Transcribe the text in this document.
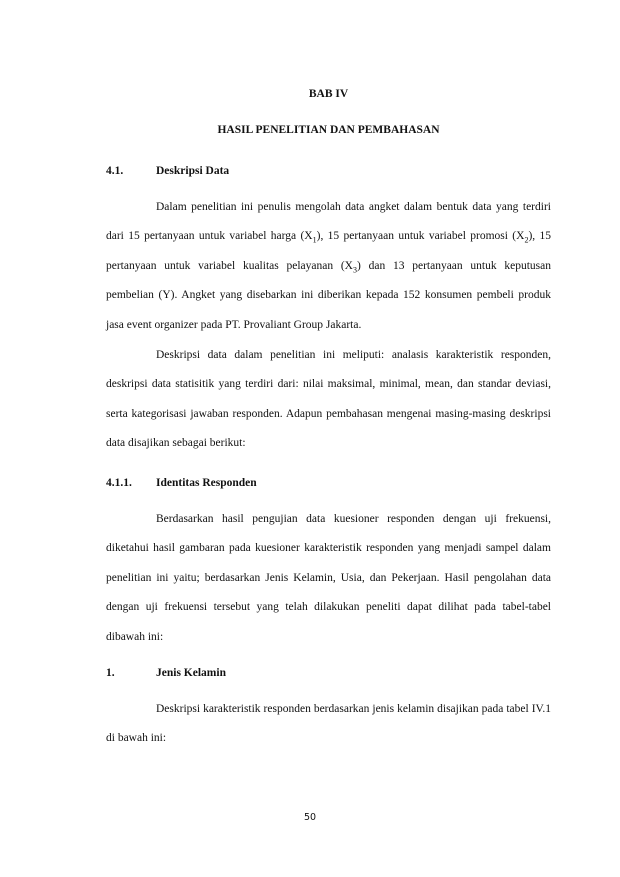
BAB IV
HASIL PENELITIAN DAN PEMBAHASAN
4.1.	Deskripsi Data

Dalam penelitian ini penulis mengolah data angket dalam bentuk data yang terdiri dari 15 pertanyaan untuk variabel harga $(X_1)$, 15 pertanyaan untuk variabel promosi $(X_2)$, 15 pertanyaan untuk variabel kualitas pelayanan $(X_3)$ dan 13 pertanyaan untuk keputusan pembelian (Y). Angket yang disebarkan ini diberikan kepada 152 konsumen pembeli produk jasa event organizer pada PT. Provaliant Group Jakarta.

Deskripsi data dalam penelitian ini meliputi: analasis karakteristik responden, deskripsi data statisitik yang terdiri dari: nilai maksimal, minimal, mean, dan standar deviasi, serta kategorisasi jawaban responden. Adapun pembahasan mengenai masing-masing deskripsi data disajikan sebagai berikut:

4.1.1. Identitas Responden

Berdasarkan hasil pengujian data kuesioner responden dengan uji frekuensi, diketahui hasil gambaran pada kuesioner karakteristik responden yang menjadi sampel dalam penelitian ini yaitu; berdasarkan Jenis Kelamin, Usia, dan Pekerjaan. Hasil pengolahan data dengan uji frekuensi tersebut yang telah dilakukan peneliti dapat dilihat pada tabel-tabel dibawah ini:

1.	Jenis Kelamin

Deskripsi karakteristik responden berdasarkan jenis kelamin disajikan pada tabel IV.1 di bawah ini:

50
